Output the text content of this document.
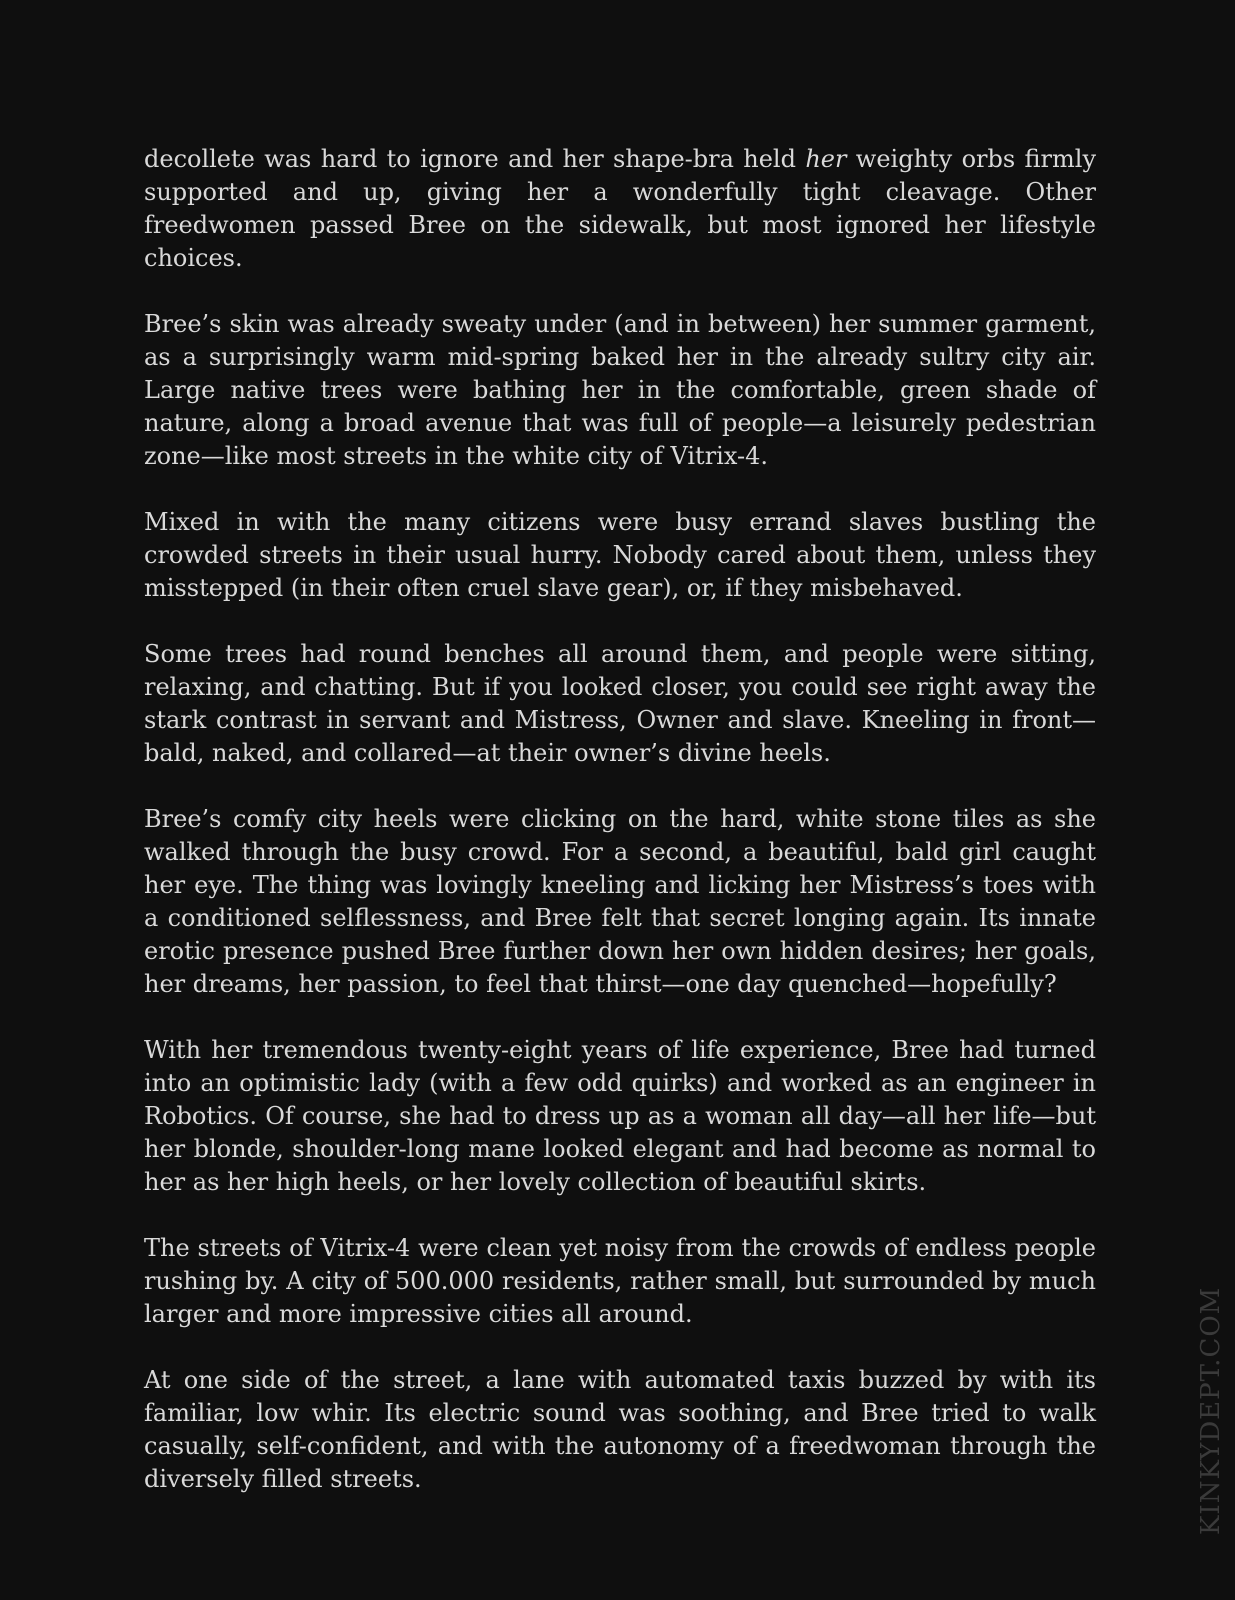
decollete was hard to ignore and her shape-bra held her weighty orbs firmly supported and up, giving her a wonderfully tight cleavage. Other freedwomen passed Bree on the sidewalk, but most ignored her lifestyle choices.

Bree’s skin was already sweaty under (and in between) her summer garment, as a surprisingly warm mid-spring baked her in the already sultry city air. Large native trees were bathing her in the comfortable, green shade of nature, along a broad avenue that was full of people—a leisurely pedestrian zone—like most streets in the white city of Vitrix-4.

Mixed in with the many citizens were busy errand slaves bustling the crowded streets in their usual hurry. Nobody cared about them, unless they misstepped (in their often cruel slave gear), or, if they misbehaved.

Some trees had round benches all around them, and people were sitting, relaxing, and chatting. But if you looked closer, you could see right away the stark contrast in servant and Mistress, Owner and slave. Kneeling in front—bald, naked, and collared—at their owner’s divine heels.

Bree’s comfy city heels were clicking on the hard, white stone tiles as she walked through the busy crowd. For a second, a beautiful, bald girl caught her eye. The thing was lovingly kneeling and licking her Mistress’s toes with a conditioned selflessness, and Bree felt that secret longing again. Its innate erotic presence pushed Bree further down her own hidden desires; her goals, her dreams, her passion, to feel that thirst—one day quenched—hopefully?

With her tremendous twenty-eight years of life experience, Bree had turned into an optimistic lady (with a few odd quirks) and worked as an engineer in Robotics. Of course, she had to dress up as a woman all day—all her life—but her blonde, shoulder-long mane looked elegant and had become as normal to her as her high heels, or her lovely collection of beautiful skirts.

The streets of Vitrix-4 were clean yet noisy from the crowds of endless people rushing by. A city of 500.000 residents, rather small, but surrounded by much larger and more impressive cities all around.

At one side of the street, a lane with automated taxis buzzed by with its familiar, low whir. Its electric sound was soothing, and Bree tried to walk casually, self-confident, and with the autonomy of a freedwoman through the diversely filled streets.	KINKYDEPT.COM
